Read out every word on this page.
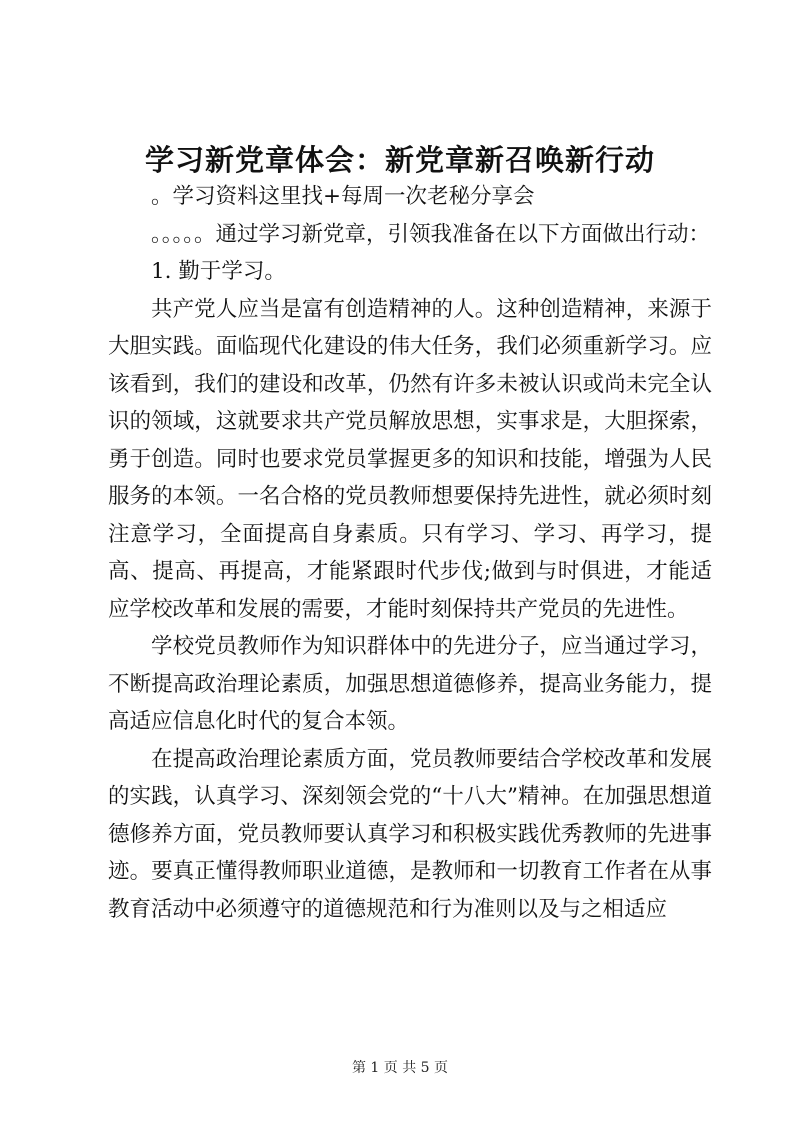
学习新党章体会：新党章新召唤新行动

。学习资料这里找+每周一次老秘分享会

。。。。。通过学习新党章，引领我准备在以下方面做出行动：

1. 勤于学习。

共产党人应当是富有创造精神的人。这种创造精神，来源于大胆实践。面临现代化建设的伟大任务，我们必须重新学习。应该看到，我们的建设和改革，仍然有许多未被认识或尚未完全认识的领域，这就要求共产党员解放思想，实事求是，大胆探索，勇于创造。同时也要求党员掌握更多的知识和技能，增强为人民服务的本领。一名合格的党员教师想要保持先进性，就必须时刻注意学习，全面提高自身素质。只有学习、学习、再学习，提高、提高、再提高，才能紧跟时代步伐;做到与时俱进，才能适应学校改革和发展的需要，才能时刻保持共产党员的先进性。

学校党员教师作为知识群体中的先进分子，应当通过学习，不断提高政治理论素质，加强思想道德修养，提高业务能力，提高适应信息化时代的复合本领。

在提高政治理论素质方面，党员教师要结合学校改革和发展的实践，认真学习、深刻领会党的“十八大”精神。在加强思想道德修养方面，党员教师要认真学习和积极实践优秀教师的先进事迹。要真正懂得教师职业道德，是教师和一切教育工作者在从事教育活动中必须遵守的道德规范和行为准则以及与之相适应

第 1 页 共 5 页
